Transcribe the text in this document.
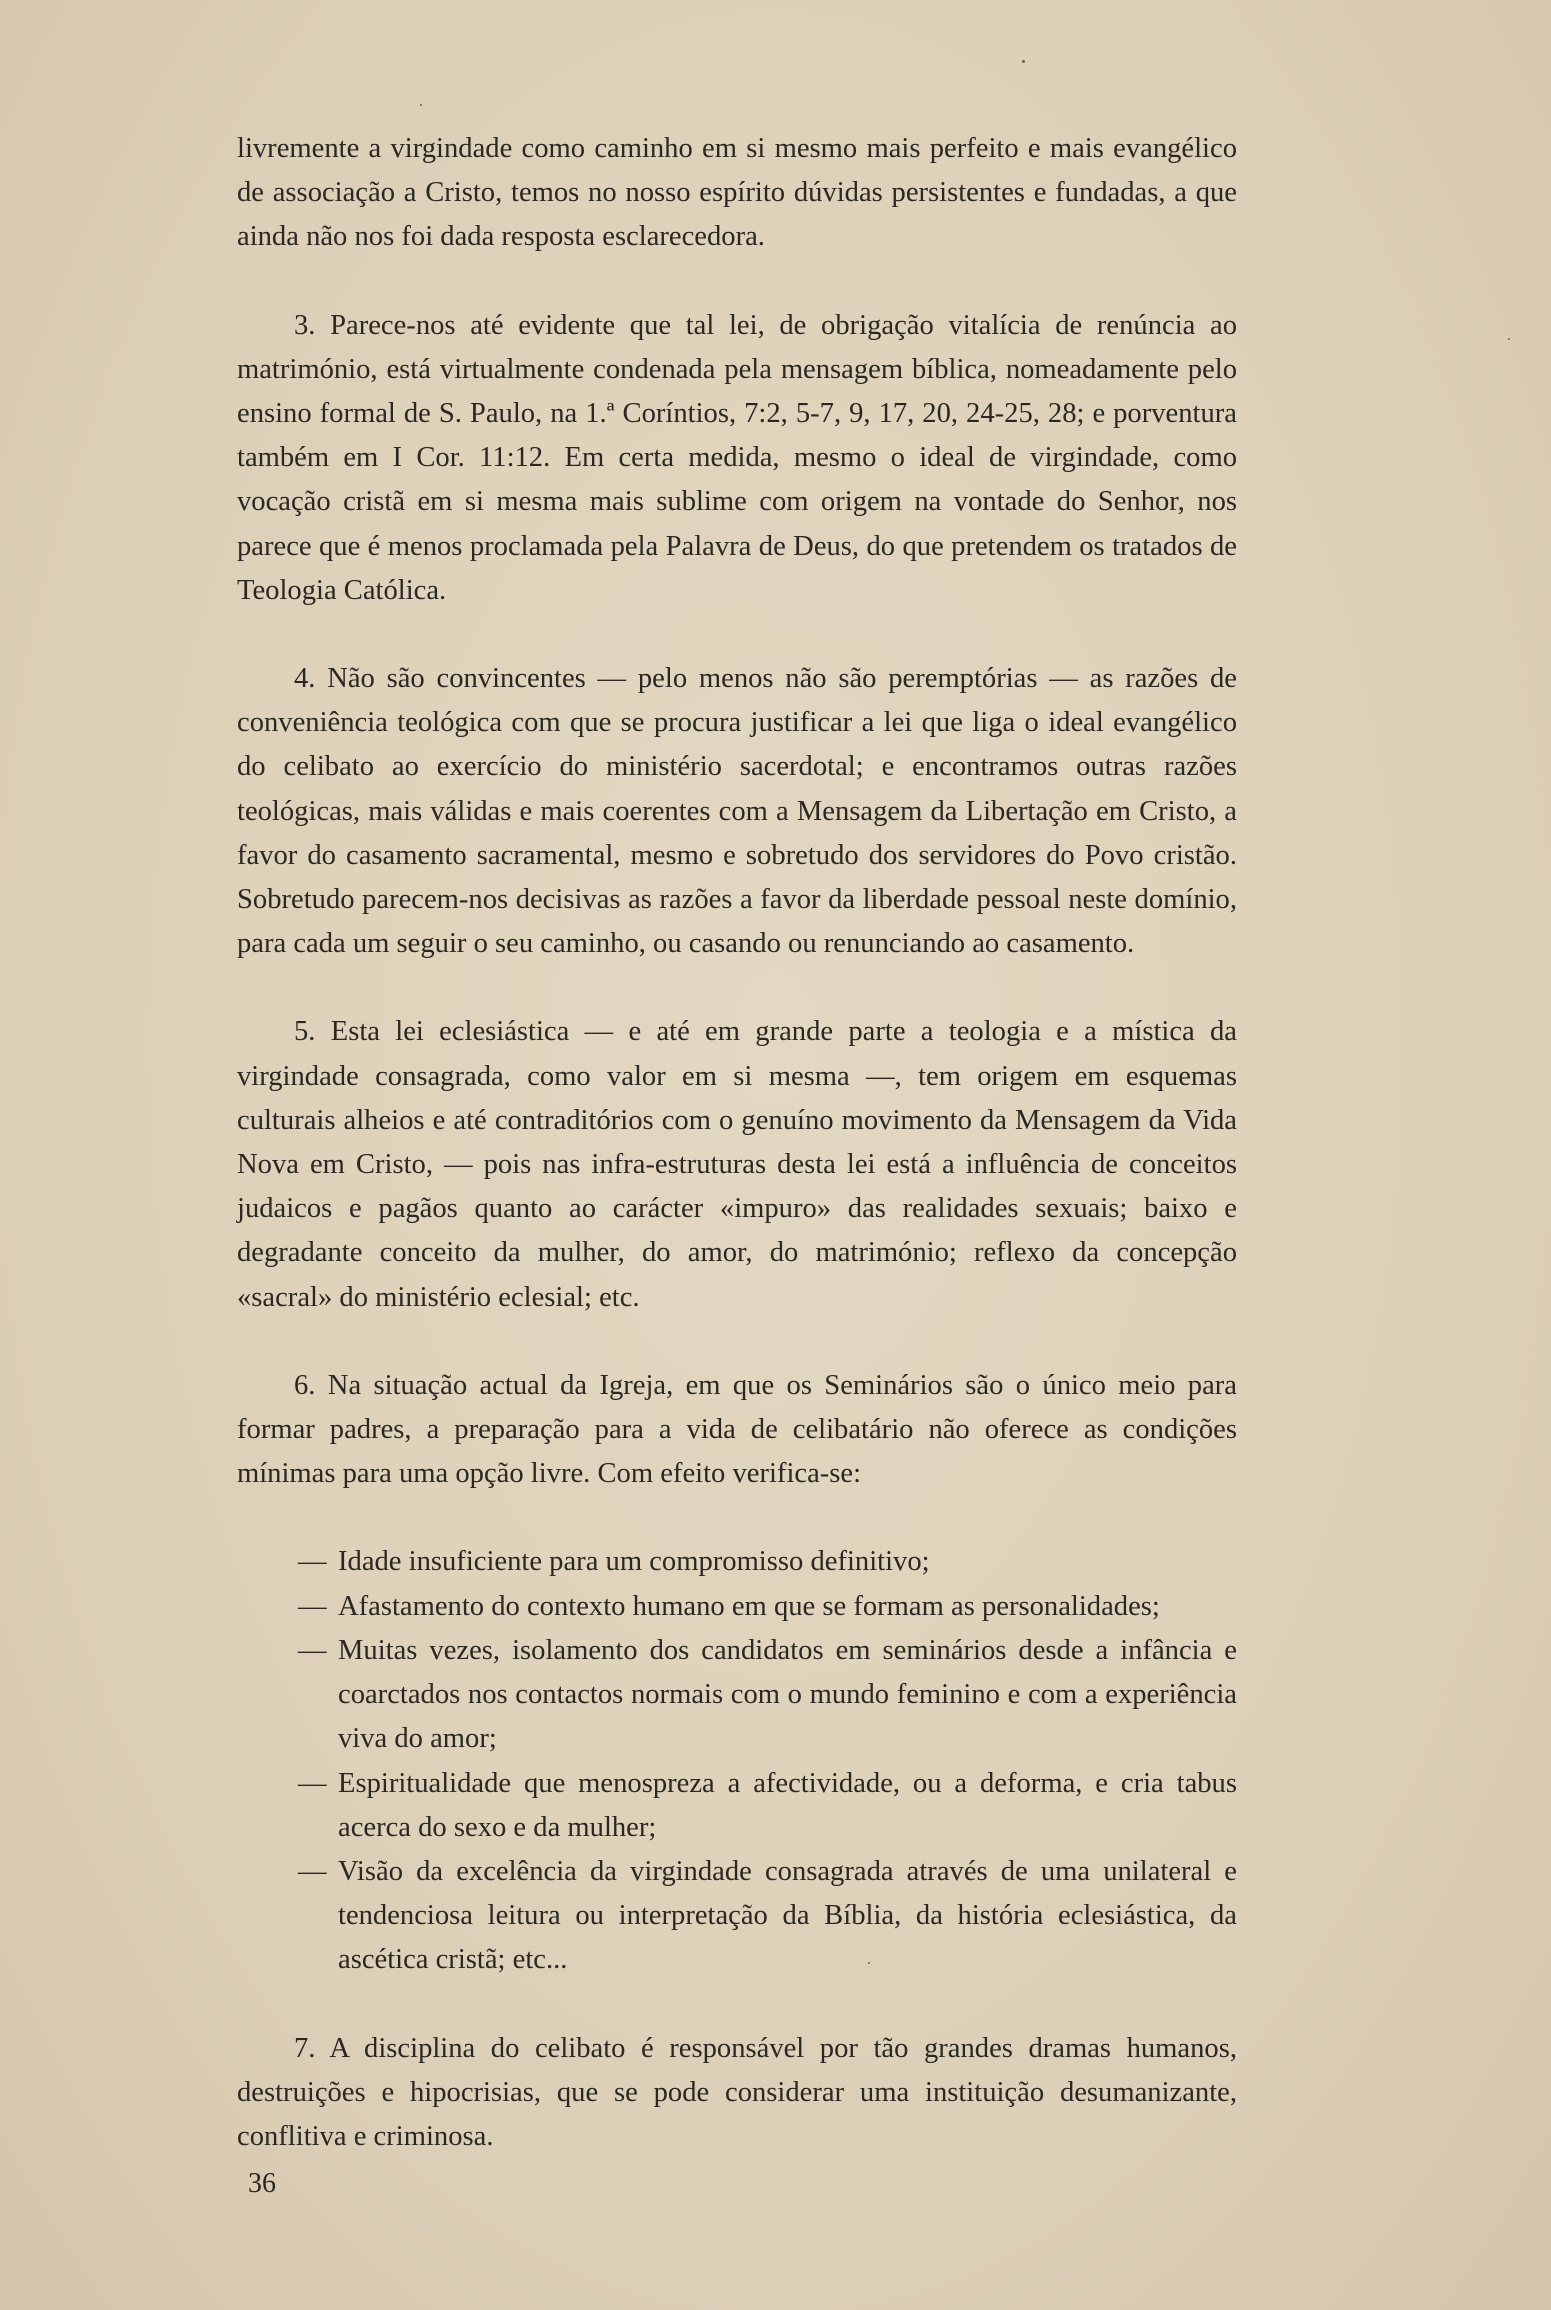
livremente a virgindade como caminho em si mesmo mais perfeito e mais evangélico de associação a Cristo, temos no nosso espírito dúvidas persistentes e fundadas, a que ainda não nos foi dada resposta esclarecedora.

3. Parece-nos até evidente que tal lei, de obrigação vitalícia de renúncia ao matrimónio, está virtualmente condenada pela mensagem bíblica, nomeadamente pelo ensino formal de S. Paulo, na 1.ª Coríntios, 7:2, 5-7, 9, 17, 20, 24-25, 28; e porventura também em I Cor. 11:12. Em certa medida, mesmo o ideal de virgindade, como vocação cristã em si mesma mais sublime com origem na vontade do Senhor, nos parece que é menos proclamada pela Palavra de Deus, do que pretendem os tratados de Teologia Católica.

4. Não são convincentes — pelo menos não são peremptórias — as razões de conveniência teológica com que se procura justificar a lei que liga o ideal evangélico do celibato ao exercício do ministério sacerdotal; e encontramos outras razões teológicas, mais válidas e mais coerentes com a Mensagem da Libertação em Cristo, a favor do casamento sacramental, mesmo e sobretudo dos servidores do Povo cristão. Sobretudo parecem-nos decisivas as razões a favor da liberdade pessoal neste domínio, para cada um seguir o seu caminho, ou casando ou renunciando ao casamento.

5. Esta lei eclesiástica — e até em grande parte a teologia e a mística da virgindade consagrada, como valor em si mesma —, tem origem em esquemas culturais alheios e até contraditórios com o genuíno movimento da Mensagem da Vida Nova em Cristo, — pois nas infra-estruturas desta lei está a influência de conceitos judaicos e pagãos quanto ao carácter «impuro» das realidades sexuais; baixo e degradante conceito da mulher, do amor, do matrimónio; reflexo da concepção «sacral» do ministério eclesial; etc.

6. Na situação actual da Igreja, em que os Seminários são o único meio para formar padres, a preparação para a vida de celibatário não oferece as condições mínimas para uma opção livre. Com efeito verifica-se:

— Idade insuficiente para um compromisso definitivo;
— Afastamento do contexto humano em que se formam as personalidades;
— Muitas vezes, isolamento dos candidatos em seminários desde a infância e coarctados nos contactos normais com o mundo feminino e com a experiência viva do amor;
— Espiritualidade que menospreza a afectividade, ou a deforma, e cria tabus acerca do sexo e da mulher;
— Visão da excelência da virgindade consagrada através de uma unilateral e tendenciosa leitura ou interpretação da Bíblia, da história eclesiástica, da ascética cristã; etc...

7. A disciplina do celibato é responsável por tão grandes dramas humanos, destruições e hipocrisias, que se pode considerar uma instituição desumanizante, conflitiva e criminosa.

36
